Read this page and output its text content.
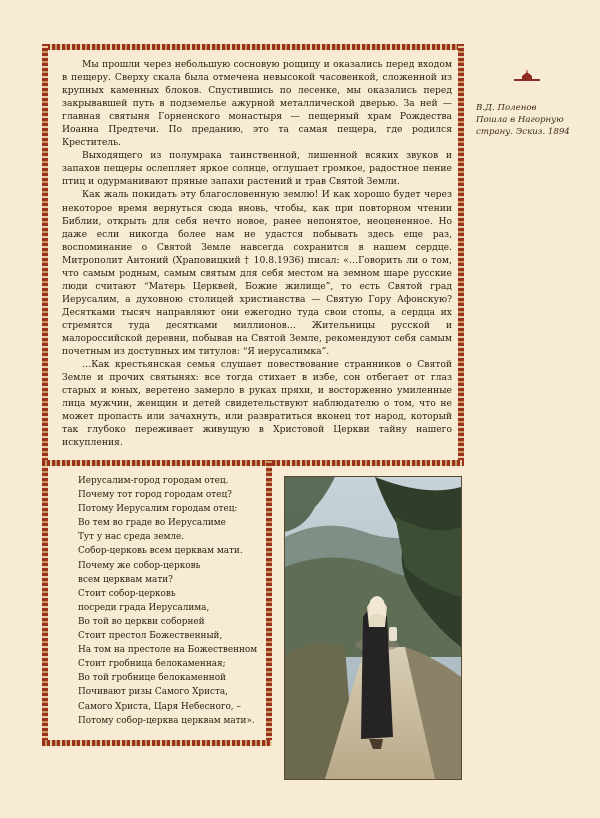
Мы прошли через небольшую сосновую рощицу и оказались перед входом в пещеру. Сверху скала была отмечена невысокой часовенкой, сложенной из крупных каменных блоков. Спустившись по лесенке, мы оказались перед закрывавшей путь в подземелье ажурной металлической дверью. За ней — главная святыня Горненского монастыря — пещерный храм Рождества Иоанна Предтечи. По преданию, это та самая пещера, где родился Креститель.

Выходящего из полумрака таинственной, лишенной всяких звуков и запахов пещеры ослепляет яркое солнце, оглушает громкое, радостное пение птиц и одурманивают пряные запахи растений и трав Святой Земли.

Как жаль покидать эту благословенную землю! И как хорошо будет через некоторое время вернуться сюда вновь, чтобы, как при повторном чтении Библии, открыть для себя нечто новое, ранее непонятое, неоцененное. Но даже если никогда более нам не удастся побывать здесь еще раз, воспоминание о Святой Земле навсегда сохранится в нашем сердце. Митрополит Антоний (Храповицкий † 10.8.1936) писал: «…Говорить ли о том, что самым родным, самым святым для себя местом на земном шаре русские люди считают “Матерь Церквей, Божие жилище”, то есть Святой град Иерусалим, а духовною столицей христианства — Святую Гору Афонскую? Десятками тысяч направляют они ежегодно туда свои стопы, а сердца их стремятся туда десятками миллионов… Жительницы русской и малороссийской деревни, побывав на Святой Земле, рекомендуют себя самым почетным из доступных им титулов: “Я иерусалимка”.

…Как крестьянская семья слушает повествование странников о Святой Земле и прочих святынях: все тогда стихает в избе, сон отбегает от глаз старых и юных, веретено замерло в руках пряхи, и восторженно умиленные лица мужчин, женщин и детей свидетельствуют наблюдателю о том, что не может пропасть или зачахнуть, или развратиться вконец тот народ, который так глубоко переживает живущую в Христовой Церкви тайну нашего искупления.

Иерусалим-город городам отец.
Почему тот город городам отец?
Потому Иерусалим городам отец:
Во тем во граде во Иерусалиме
Тут у нас среда земле.
Собор-церковь всем церквам мати.
Почему же собор-церковь
всем церквам мати?
Стоит собор-церковь
посреди града Иерусалима,
Во той во церкви соборней
Стоит престол Божественный,
На том на престоле на Божественном
Стоит гробница белокаменная;
Во той гробнице белокаменной
Почивают ризы Самого Христа,
Самого Христа, Царя Небесного, –
Потому собор-церква церквам мати».
В.Д. Поленов
Пошла в Нагорную
страну. Эскиз. 1894
